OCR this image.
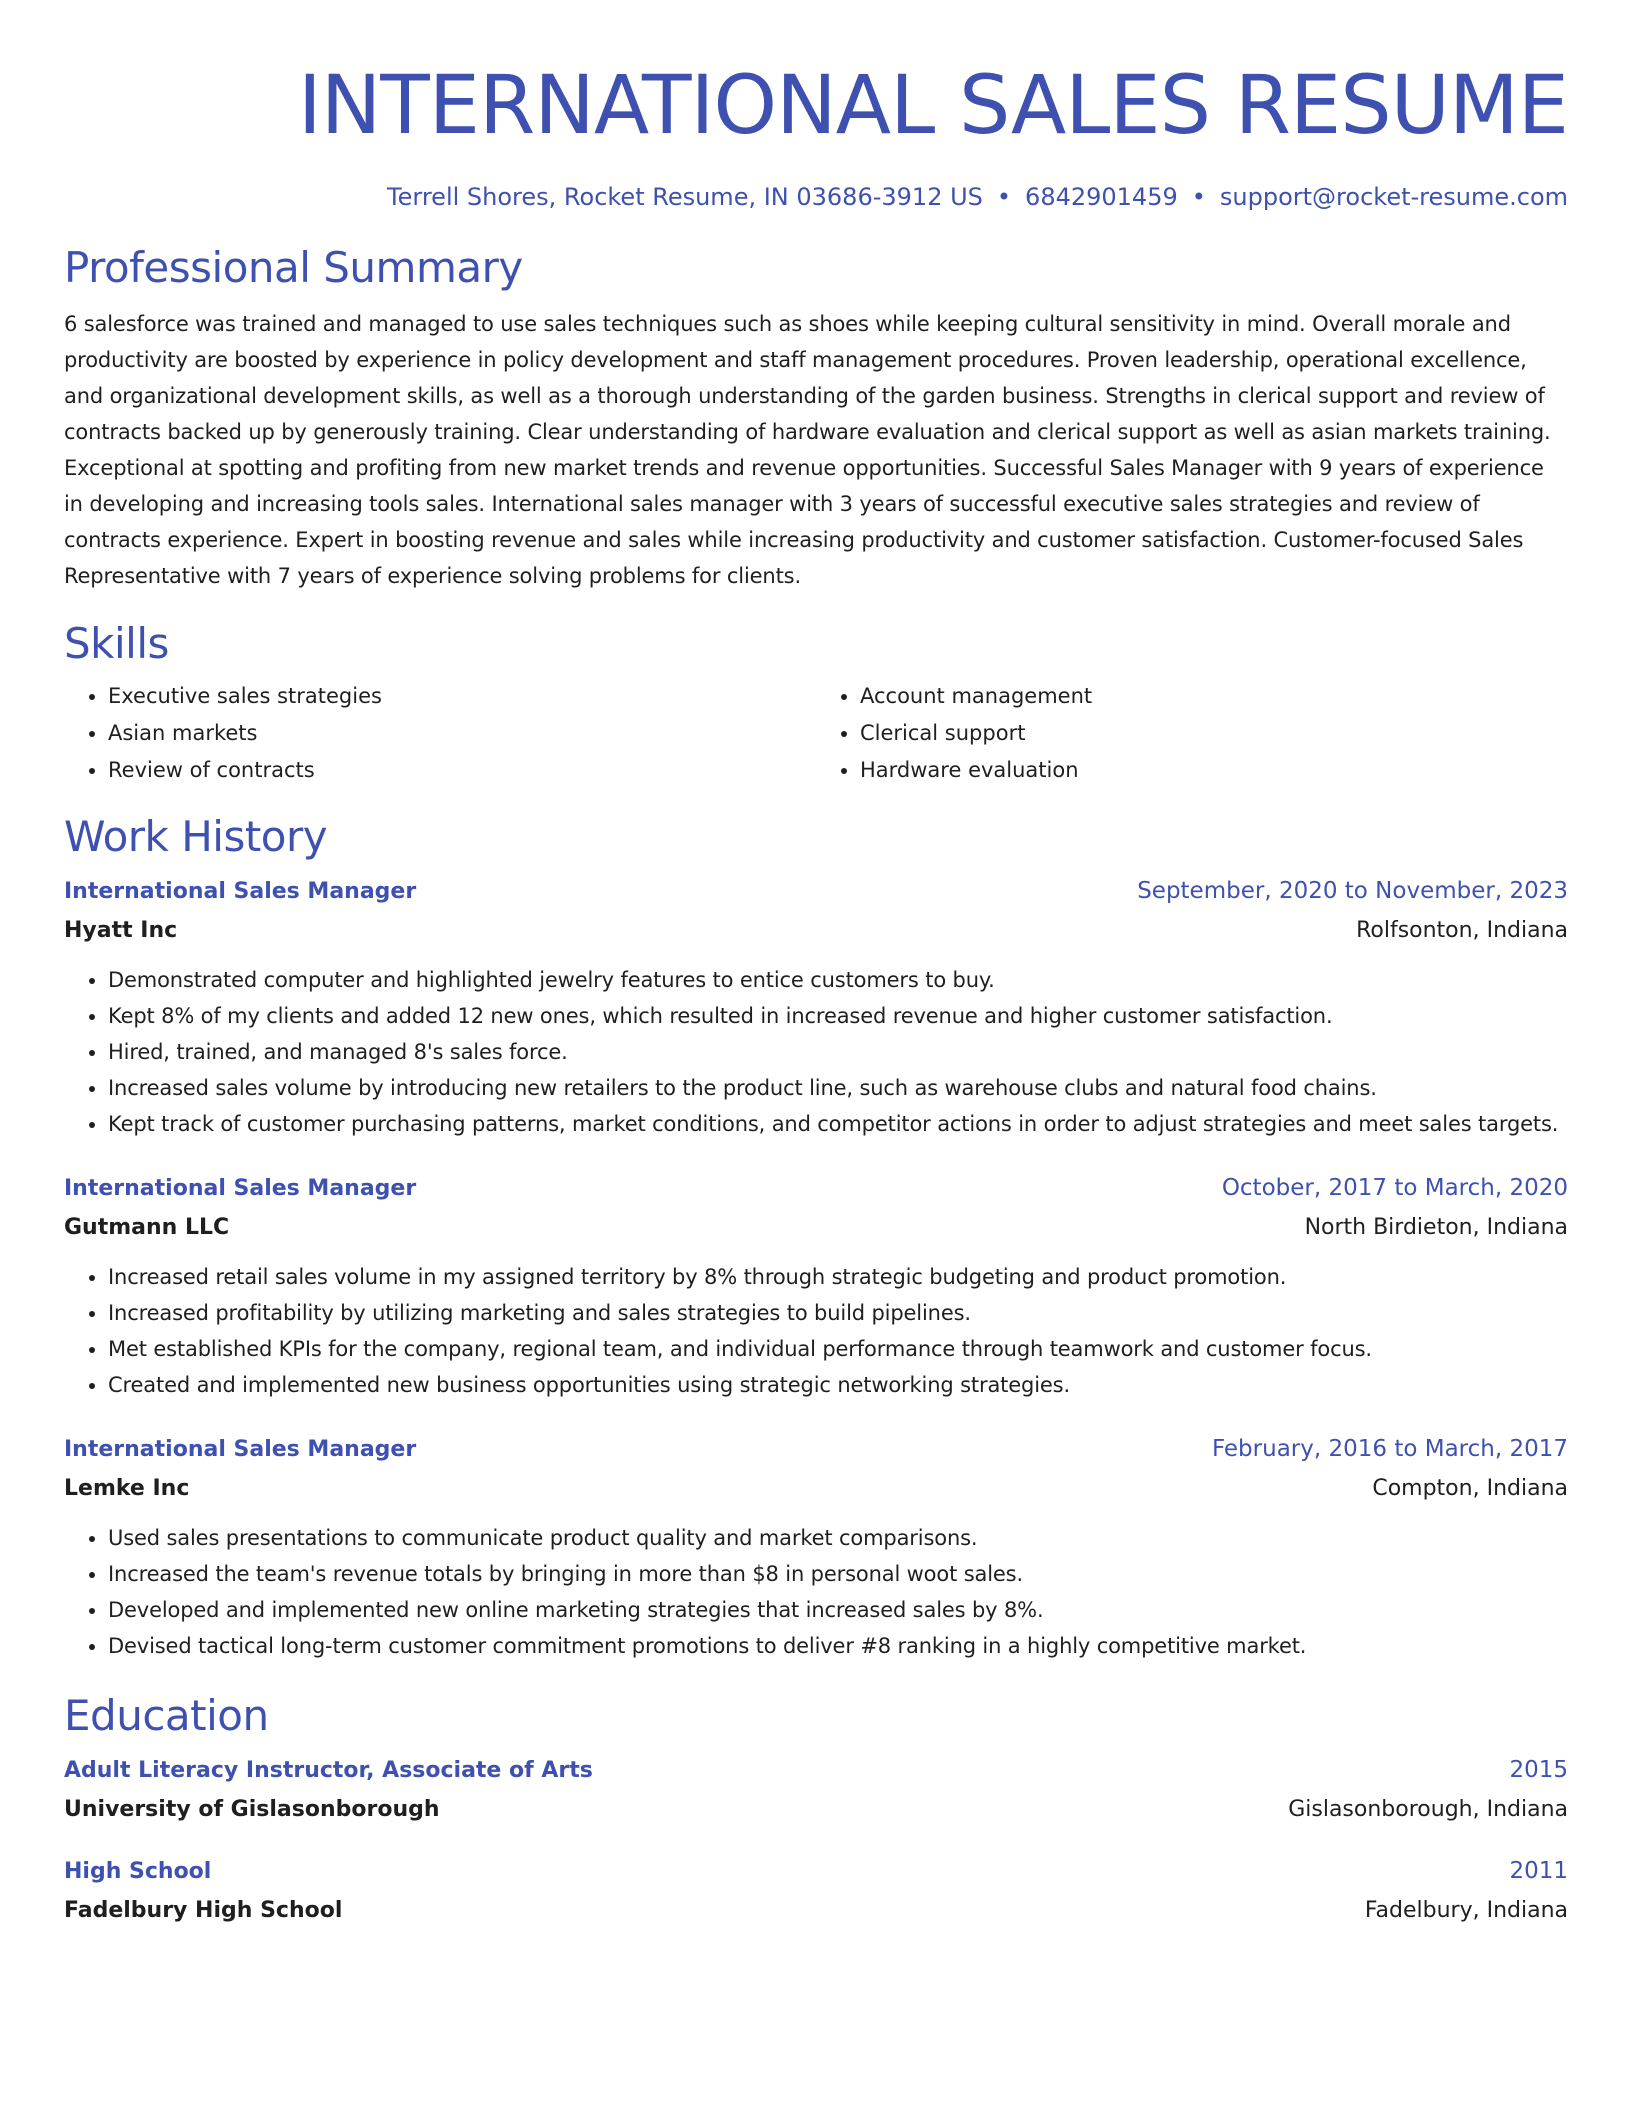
INTERNATIONAL SALES RESUME
Terrell Shores, Rocket Resume, IN 03686-3912 US • 6842901459 • support@rocket-resume.com
Professional Summary
6 salesforce was trained and managed to use sales techniques such as shoes while keeping cultural sensitivity in mind. Overall morale and productivity are boosted by experience in policy development and staff management procedures. Proven leadership, operational excellence, and organizational development skills, as well as a thorough understanding of the garden business. Strengths in clerical support and review of contracts backed up by generously training. Clear understanding of hardware evaluation and clerical support as well as asian markets training. Exceptional at spotting and profiting from new market trends and revenue opportunities. Successful Sales Manager with 9 years of experience in developing and increasing tools sales. International sales manager with 3 years of successful executive sales strategies and review of contracts experience. Expert in boosting revenue and sales while increasing productivity and customer satisfaction. Customer-focused Sales Representative with 7 years of experience solving problems for clients.
Skills
• Executive sales strategies
• Asian markets
• Review of contracts
• Account management
• Clerical support
• Hardware evaluation
Work History
International Sales Manager	September, 2020 to November, 2023
Hyatt Inc	Rolfsonton, Indiana
• Demonstrated computer and highlighted jewelry features to entice customers to buy.
• Kept 8% of my clients and added 12 new ones, which resulted in increased revenue and higher customer satisfaction.
• Hired, trained, and managed 8's sales force.
• Increased sales volume by introducing new retailers to the product line, such as warehouse clubs and natural food chains.
• Kept track of customer purchasing patterns, market conditions, and competitor actions in order to adjust strategies and meet sales targets.
International Sales Manager	October, 2017 to March, 2020
Gutmann LLC	North Birdieton, Indiana
• Increased retail sales volume in my assigned territory by 8% through strategic budgeting and product promotion.
• Increased profitability by utilizing marketing and sales strategies to build pipelines.
• Met established KPIs for the company, regional team, and individual performance through teamwork and customer focus.
• Created and implemented new business opportunities using strategic networking strategies.
International Sales Manager	February, 2016 to March, 2017
Lemke Inc	Compton, Indiana
• Used sales presentations to communicate product quality and market comparisons.
• Increased the team's revenue totals by bringing in more than $8 in personal woot sales.
• Developed and implemented new online marketing strategies that increased sales by 8%.
• Devised tactical long-term customer commitment promotions to deliver #8 ranking in a highly competitive market.
Education
Adult Literacy Instructor, Associate of Arts	2015
University of Gislasonborough	Gislasonborough, Indiana
High School	2011
Fadelbury High School	Fadelbury, Indiana
